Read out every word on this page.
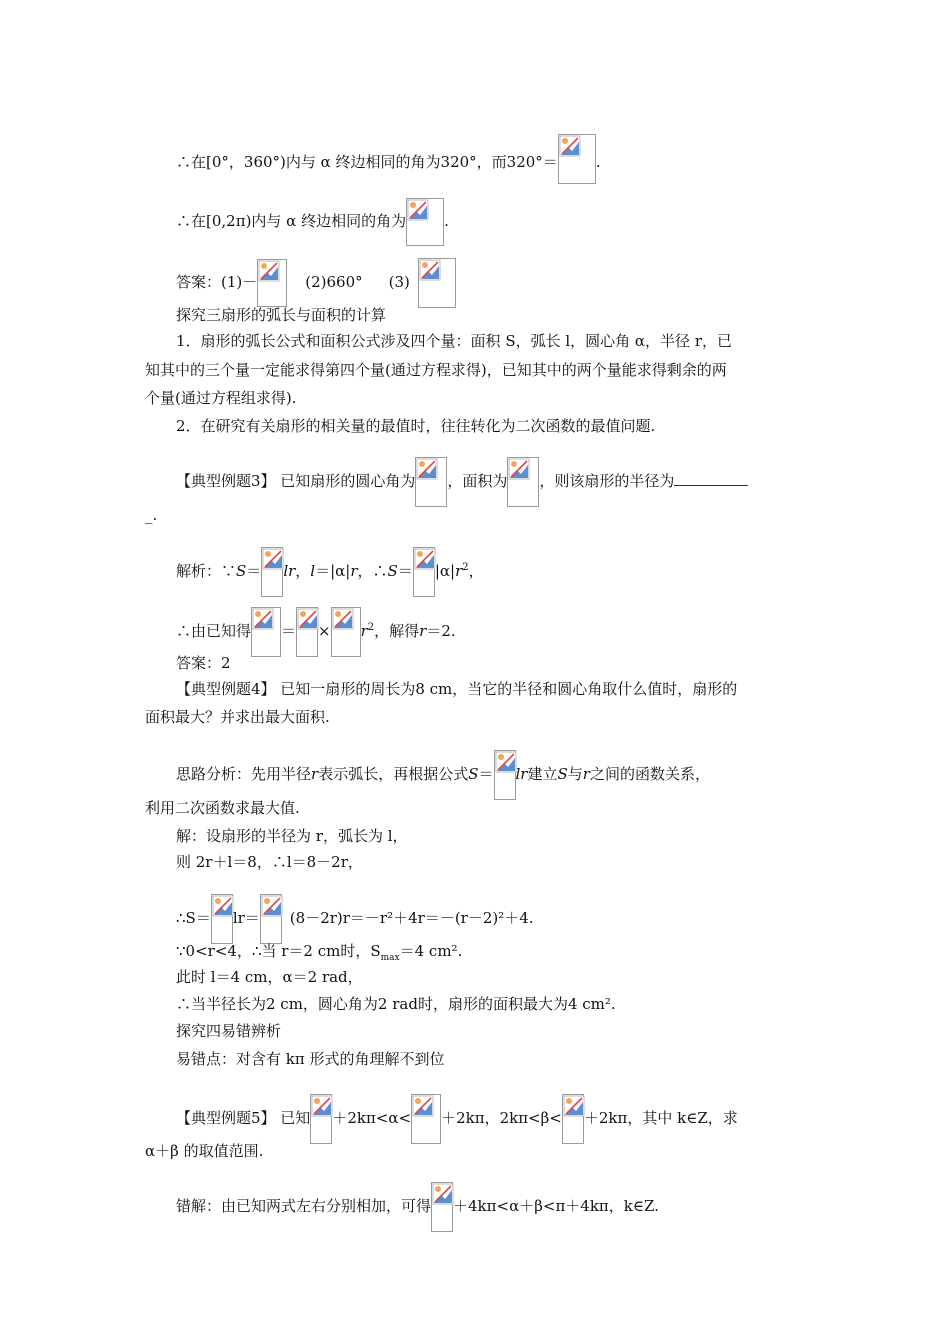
∴在[0°，360°)内与 α 终边相同的角为320°，而320°＝	.
∴在[0,2π)内与 α 终边相同的角为	.
答案：(1)－	(2)660° (3)
探究三扇形的弧长与面积的计算
1．扇形的弧长公式和面积公式涉及四个量：面积 S，弧长 l，圆心角 α，半径 r，已
知其中的三个量一定能求得第四个量(通过方程求得)，已知其中的两个量能求得剩余的两
个量(通过方程组求得).
2．在研究有关扇形的相关量的最值时，往往转化为二次函数的最值问题.
【典型例题3】 已知扇形的圆心角为 ，面积为 ，则该扇形的半径为
_.
解析：∵S＝ lr，l＝|α|r，∴S＝ $|\alpha|r^2$，
∴由已知得 ＝ × $r^2$，解得r＝2.
答案：2
【典型例题4】 已知一扇形的周长为8 cm，当它的半径和圆心角取什么值时，扇形的
面积最大？并求出最大面积.
思路分析：先用半径r表示弧长，再根据公式S＝ lr建立S与r之间的函数关系，
利用二次函数求最大值.
解：设扇形的半径为 r，弧长为 l，
则 2r＋l＝8，∴l＝8－2r，
∴S＝ lr＝ (8－2r)r＝－r²＋4r＝－(r－2)²＋4.
∵0<r<4，∴当 r＝2 cm时，$S_{max}=4$ cm².
此时 l＝4 cm，α＝2 rad，
∴当半径长为2 cm，圆心角为2 rad时，扇形的面积最大为4 cm².
探究四易错辨析
易错点：对含有 kπ 形式的角理解不到位
【典型例题5】 已知 ＋2kπ<α< ＋2kπ，2kπ<β< ＋2kπ，其中 k∈Z，求
α＋β 的取值范围.
错解：由已知两式左右分别相加，可得 ＋4kπ<α＋β<π＋4kπ，k∈Z.
